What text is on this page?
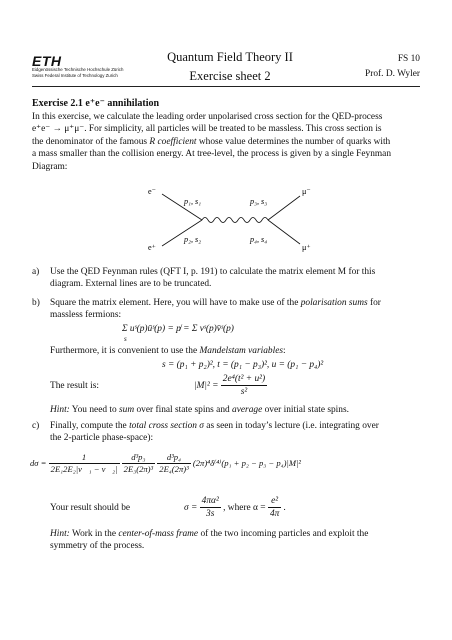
ETH
Eidgenössische Technische Hochschule Zürich
Swiss Federal Institute of Technology Zurich
Quantum Field Theory II
Exercise sheet 2
FS 10
Prof. D. Wyler
Exercise 2.1 e⁺e⁻ annihilation
In this exercise, we calculate the leading order unpolarised cross section for the QED-process
e⁺e⁻ → μ⁺μ⁻. For simplicity, all particles will be treated to be massless. This cross section is
the denominator of the famous R coefficient whose value determines the number of quarks with
a mass smaller than the collision energy. At tree-level, the process is given by a single Feynman
Diagram:
e⁻
e⁺
μ⁻
μ⁺
p₁, s₁
p₂, s₂
p₃, s₃
p₄, s₄
a) Use the QED Feynman rules (QFT I, p. 191) to calculate the matrix element M for this
diagram. External lines are to be truncated.
b) Square the matrix element. Here, you will have to make use of the polarisation sums for
massless fermions:
Σ uˢ(p)ūˢ(p) = p̸ = Σ vˢ(p)v̄ˢ(p)
s
Furthermore, it is convenient to use the Mandelstam variables:
s = (p₁ + p₂)², t = (p₁ − p₃)², u = (p₁ − p₄)²
The result is:	$|M|^2 = \frac{\text{2e⁴(t² + u²)}}{\text{s²}}$
Hint: You need to sum over final state spins and average over initial state spins.
c) Finally, compute the total cross section σ as seen in today’s lecture (i.e. integrating over
the 2-particle phase-space):
$d\sigma = \frac{1}{\text{2E₁2E₂|v⃗₁ − v⃗₂|}}$
$\frac{\text{d³p₃}}{\text{2E₃(2π)³}}$
$\frac{\text{d³p₄}}{\text{2E₄(2π)³}} (2\pi)^4\delta^{(4)}(p_1 + p_2 - p_3 - p_4)|M|^2$
Your result should be	$\sigma = \frac{\text{4πα²}}{3s}$ , where $\alpha = \frac{\text{e²}}{4\pi}$ .
Hint: Work in the center-of-mass frame of the two incoming particles and exploit the
symmetry of the process.
